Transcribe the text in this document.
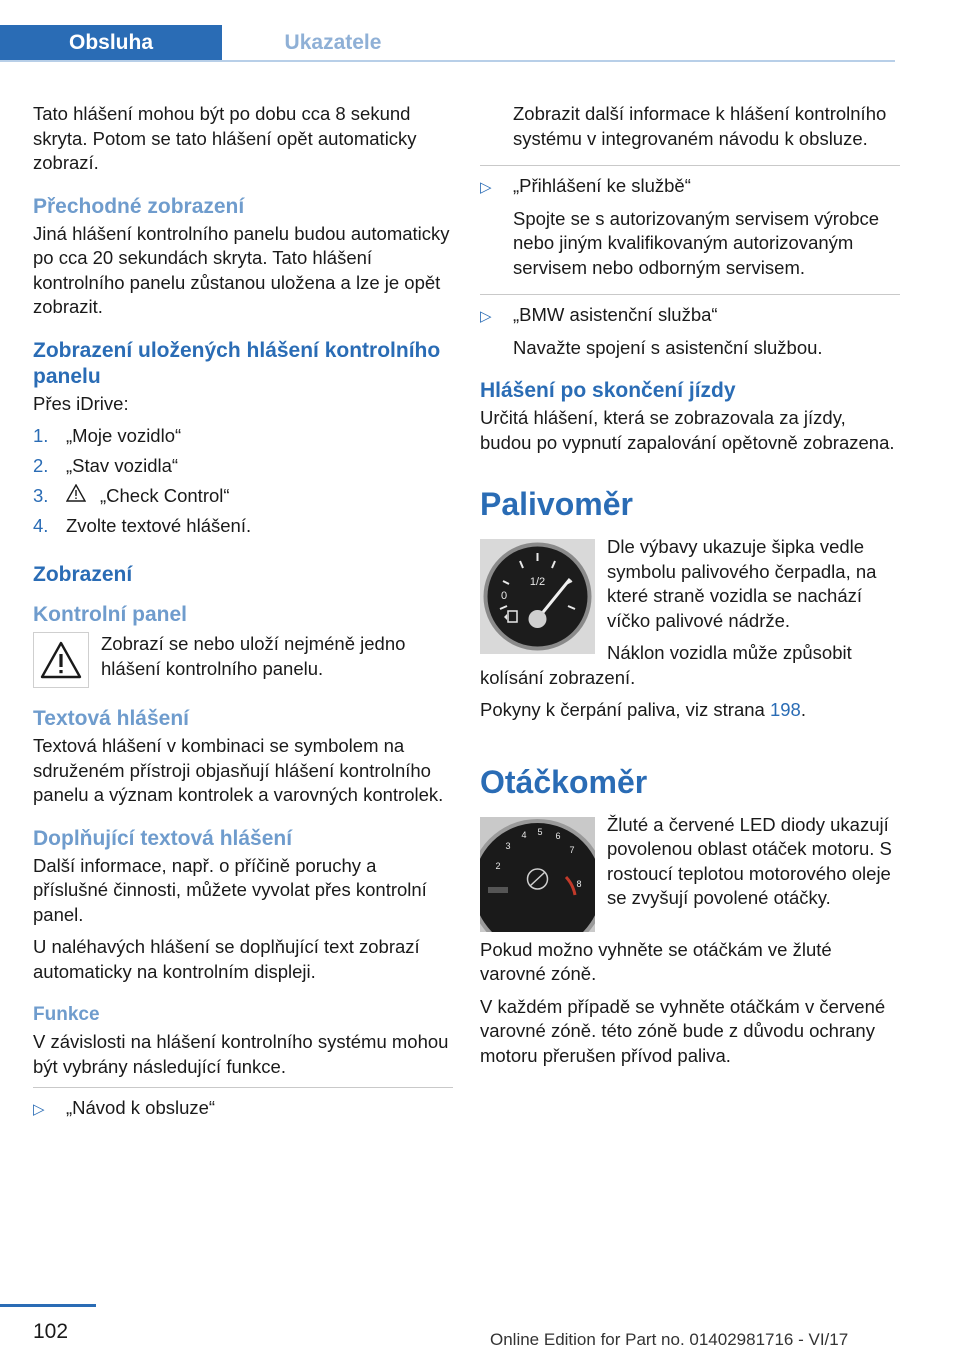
Obsluha	Ukazatele

Tato hlášení mohou být po dobu cca 8 sekund skryta. Potom se tato hlášení opět automaticky zobrazí.

Přechodné zobrazení

Jiná hlášení kontrolního panelu budou automaticky po cca 20 sekundách skryta. Tato hlášení kontrolního panelu zůstanou uložena a lze je opět zobrazit.

Zobrazení uložených hlášení kontrolního panelu

Přes iDrive:

1. „Moje vozidlo“
2. „Stav vozidla“
3.	„Check Control“
4. Zvolte textové hlášení.
Zobrazení
Kontrolní panel
Zobrazí se nebo uloží nejméně jedno hlášení kontrolního panelu.
Textová hlášení

Textová hlášení v kombinaci se symbolem na sdruženém přístroji objasňují hlášení kontrolního panelu a význam kontrolek a varovných kontrolek.

Doplňující textová hlášení

Další informace, např. o příčině poruchy a příslušné činnosti, můžete vyvolat přes kontrolní panel.

U naléhavých hlášení se doplňující text zobrazí automaticky na kontrolním displeji.

Funkce

V závislosti na hlášení kontrolního systému mohou být vybrány následující funkce.

▷	„Návod k obsluze“

Zobrazit další informace k hlášení kontrolního systému v integrovaném návodu k obsluze.

▷	„Přihlášení ke službě“

Spojte se s autorizovaným servisem výrobce nebo jiným kvalifikovaným autorizovaným servisem nebo odborným servisem.

▷	„BMW asistenční služba“

Navažte spojení s asistenční službou.

Hlášení po skončení jízdy

Určitá hlášení, která se zobrazovala za jízdy, budou po vypnutí zapalování opětovně zobrazena.

Palivoměr
1/2
0

Dle výbavy ukazuje šipka vedle symbolu palivového čerpadla, na které straně vozidla se nachází víčko palivové nádrže.

Náklon vozidla může způsobit kolísání zobrazení.

Pokyny k čerpání paliva, viz strana 198.

Otáčkoměr
2
3
4 5 6
7
8

Žluté a červené LED diody ukazují povolenou oblast otáček motoru. S rostoucí teplotou motorového oleje se zvyšují povolené otáčky.

Pokud možno vyhněte se otáčkám ve žluté varovné zóně.

V každém případě se vyhněte otáčkám v červené varovné zóně. této zóně bude z důvodu ochrany motoru přerušen přívod paliva.

102	Online Edition for Part no. 01402981716 - VI/17
